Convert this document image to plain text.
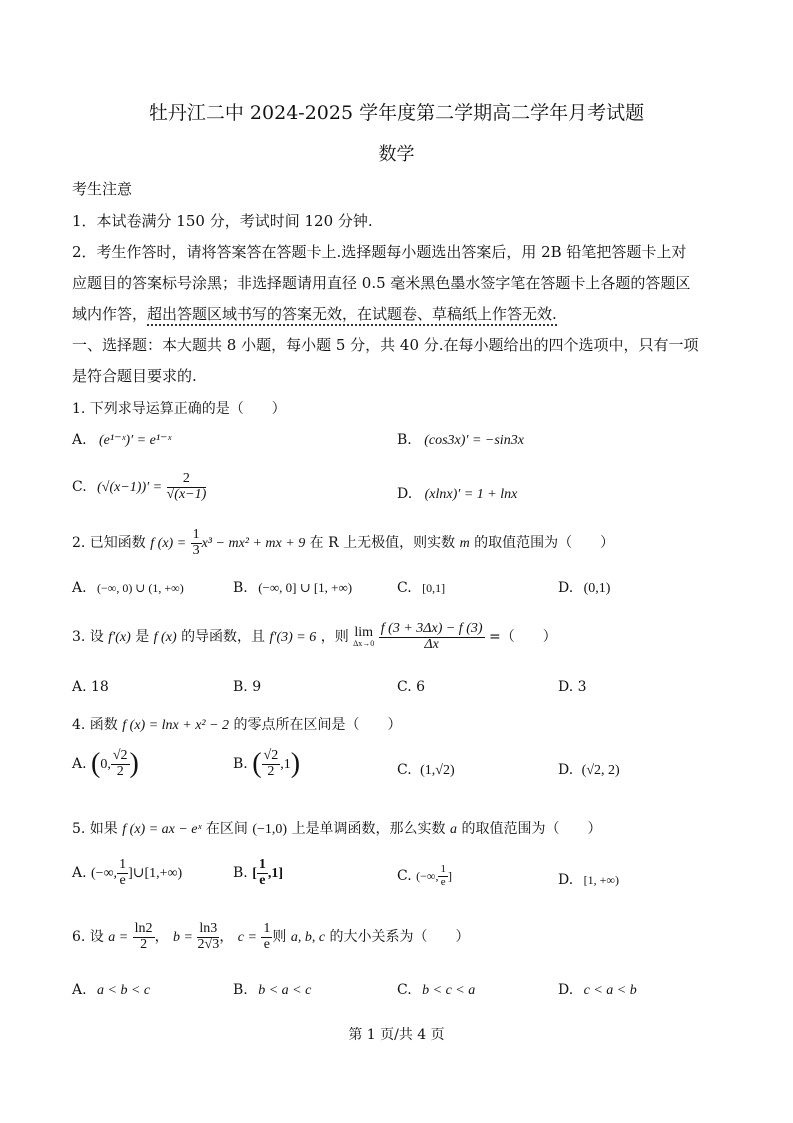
牡丹江二中 2024-2025 学年度第二学期高二学年月考试题
数学
考生注意
1．本试卷满分 150 分，考试时间 120 分钟.
2．考生作答时，请将答案答在答题卡上.选择题每小题选出答案后，用 2B 铅笔把答题卡上对
应题目的答案标号涂黑；非选择题请用直径 0.5 毫米黑色墨水签字笔在答题卡上各题的答题区
域内作答，超出答题区域书写的答案无效，在试题卷、草稿纸上作答无效.
一、选择题：本大题共 8 小题，每小题 5 分，共 40 分.在每小题给出的四个选项中，只有一项
是符合题目要求的.
1. 下列求导运算正确的是（　　）
A. (e¹⁻ˣ)′ = e¹⁻ˣ	B. (cos3x)′ = −sin3x
C. $(√(x-1))' = \frac{2}{√(x-1)}$	D. (xlnx)′ = 1 + lnx
2. 已知函数 f $(x) = \frac{1}{3} x^3 - mx^2$ + mx + 9 在 R 上无极值，则实数 m 的取值范围为（　　）
A. (−∞, 0) ∪ (1, +∞)	B. (−∞, 0] ∪ [1, +∞)	C. [0,1]	D. (0,1)
3. 设 f′(x) 是 f (x) 的导函数，且 f′(3) = 6 ，则 lim
Δx→0
$\frac{f (3 + 3\Delta x) - f (3)}{\Delta x}$ =（　　）
A. 18	B. 9	C. 6	D. 3
4. 函数 f (x) = lnx + x² − 2 的零点所在区间是（　　）
A. (0, $\frac{√2}{2}$ )	B. ( $\frac{√2}{2} ,1$)	C. (1,√2)	D. (√2, 2)
5. 如果 f (x) = ax − eˣ 在区间 (−1,0) 上是单调函数，那么实数 a 的取值范围为（　　）
A. (−∞, $\frac{1}{e}$ ]∪[1,+∞)	B. [ $\frac{1}{e} ,1$]	C. (−∞, $\frac{1}{e}$ ]	D. [1, +∞)
6. 设 $a = \frac{\ln 2}{2}$ ， $b = \frac{\ln 3}{2√3}$ ， $c = \frac{1}{e}$ 则 a, b, c 的大小关系为（　　）
A. a < b < c	B. b < a < c	C. b < c < a	D. c < a < b
第 1 页/共 4 页
